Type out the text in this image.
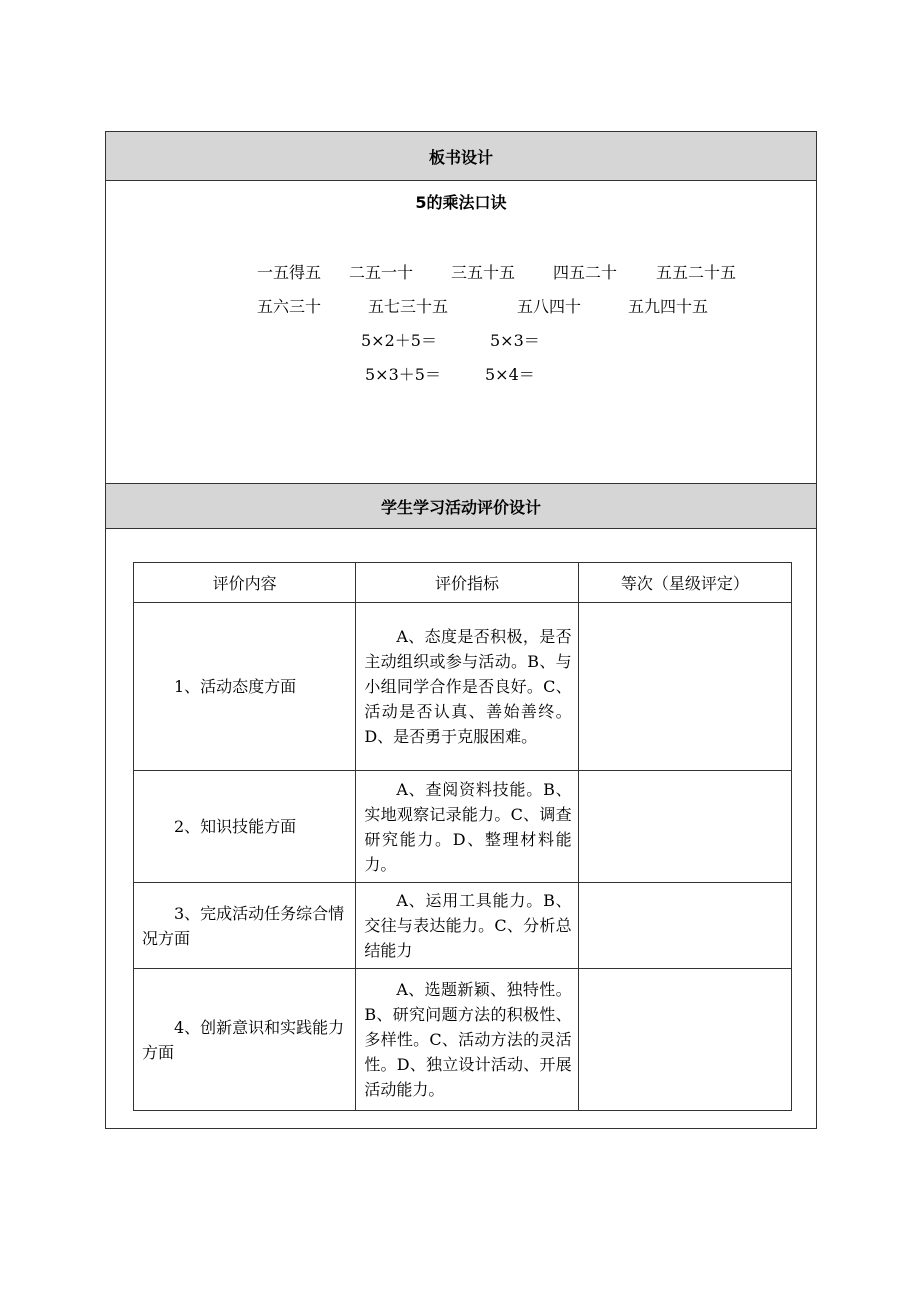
板书设计
5的乘法口诀
一五得五 二五一十 三五十五 四五二十 五五二十五
五六三十	五七三十五	五八四十	五九四十五
5×2＋5＝	5×3＝
5×3＋5＝	5×4＝
学生学习活动评价设计
评价内容	评价指标	等次（星级评定）

1、活动态度方面	A、态度是否积极，是否主动组织或参与活动。B、与小组同学合作是否良好。C、活动是否认真、善始善终。D、是否勇于克服困难。	

2、知识技能方面	A、查阅资料技能。B、实地观察记录能力。C、调查研究能力。D、整理材料能力。	

3、完成活动任务综合情况方面	A、运用工具能力。B、交往与表达能力。C、分析总结能力	

4、创新意识和实践能力方面	A、选题新颖、独特性。B、研究问题方法的积极性、多样性。C、活动方法的灵活性。D、独立设计活动、开展活动能力。	
